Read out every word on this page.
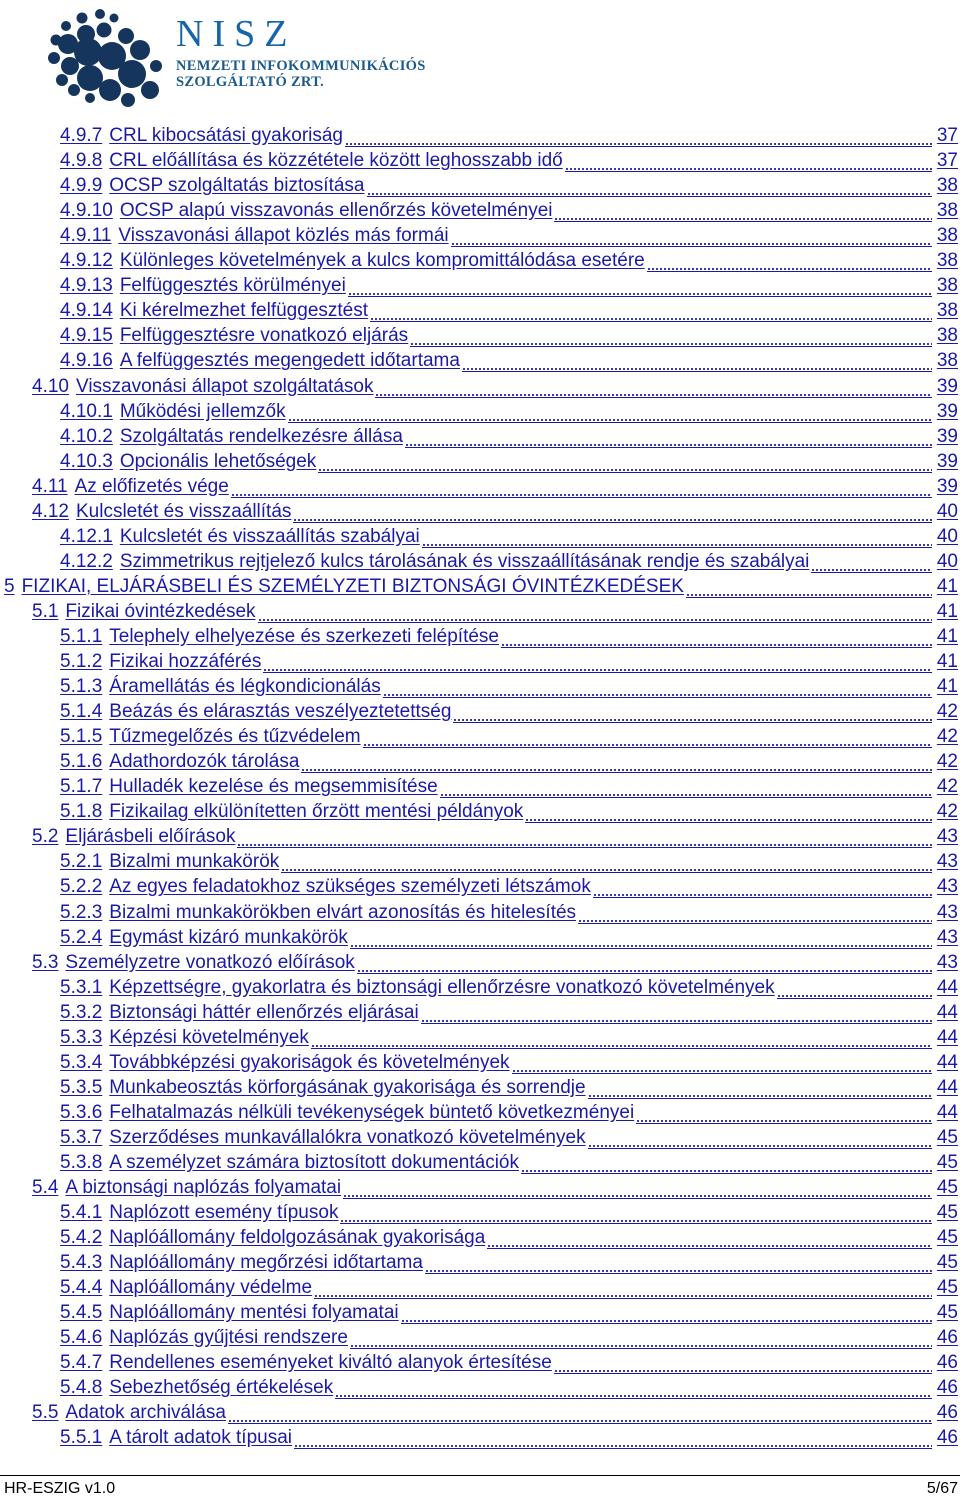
NISZ
NEMZETI INFOKOMMUNIKÁCIÓS
SZOLGÁLTATÓ ZRT.
4.9.7 CRL kibocsátási gyakoriság	37
4.9.8 CRL előállítása és közzététele között leghosszabb idő	37
4.9.9 OCSP szolgáltatás biztosítása	38
4.9.10 OCSP alapú visszavonás ellenőrzés követelményei	38
4.9.11 Visszavonási állapot közlés más formái	38
4.9.12 Különleges követelmények a kulcs kompromittálódása esetére	38
4.9.13 Felfüggesztés körülményei	38
4.9.14 Ki kérelmezhet felfüggesztést	38
4.9.15 Felfüggesztésre vonatkozó eljárás	38
4.9.16 A felfüggesztés megengedett időtartama	38
4.10 Visszavonási állapot szolgáltatások	39
4.10.1 Működési jellemzők	39
4.10.2 Szolgáltatás rendelkezésre állása	39
4.10.3 Opcionális lehetőségek	39
4.11 Az előfizetés vége	39
4.12 Kulcsletét és visszaállítás	40
4.12.1 Kulcsletét és visszaállítás szabályai	40
4.12.2 Szimmetrikus rejtjelező kulcs tárolásának és visszaállításának rendje és szabályai	40
5 FIZIKAI, ELJÁRÁSBELI ÉS SZEMÉLYZETI BIZTONSÁGI ÓVINTÉZKEDÉSEK	41
5.1 Fizikai óvintézkedések	41
5.1.1 Telephely elhelyezése és szerkezeti felépítése	41
5.1.2 Fizikai hozzáférés	41
5.1.3 Áramellátás és légkondicionálás	41
5.1.4 Beázás és elárasztás veszélyeztetettség	42
5.1.5 Tűzmegelőzés és tűzvédelem	42
5.1.6 Adathordozók tárolása	42
5.1.7 Hulladék kezelése és megsemmisítése	42
5.1.8 Fizikailag elkülönítetten őrzött mentési példányok	42
5.2 Eljárásbeli előírások	43
5.2.1 Bizalmi munkakörök	43
5.2.2 Az egyes feladatokhoz szükséges személyzeti létszámok	43
5.2.3 Bizalmi munkakörökben elvárt azonosítás és hitelesítés	43
5.2.4 Egymást kizáró munkakörök	43
5.3 Személyzetre vonatkozó előírások	43
5.3.1 Képzettségre, gyakorlatra és biztonsági ellenőrzésre vonatkozó követelmények	44
5.3.2 Biztonsági háttér ellenőrzés eljárásai	44
5.3.3 Képzési követelmények	44
5.3.4 Továbbképzési gyakoriságok és követelmények	44
5.3.5 Munkabeosztás körforgásának gyakorisága és sorrendje	44
5.3.6 Felhatalmazás nélküli tevékenységek büntető következményei	44
5.3.7 Szerződéses munkavállalókra vonatkozó követelmények	45
5.3.8 A személyzet számára biztosított dokumentációk	45
5.4 A biztonsági naplózás folyamatai	45
5.4.1 Naplózott esemény típusok	45
5.4.2 Naplóállomány feldolgozásának gyakorisága	45
5.4.3 Naplóállomány megőrzési időtartama	45
5.4.4 Naplóállomány védelme	45
5.4.5 Naplóállomány mentési folyamatai	45
5.4.6 Naplózás gyűjtési rendszere	46
5.4.7 Rendellenes eseményeket kiváltó alanyok értesítése	46
5.4.8 Sebezhetőség értékelések	46
5.5 Adatok archiválása	46
5.5.1 A tárolt adatok típusai	46
HR-ESZIG v1.0	5/67
